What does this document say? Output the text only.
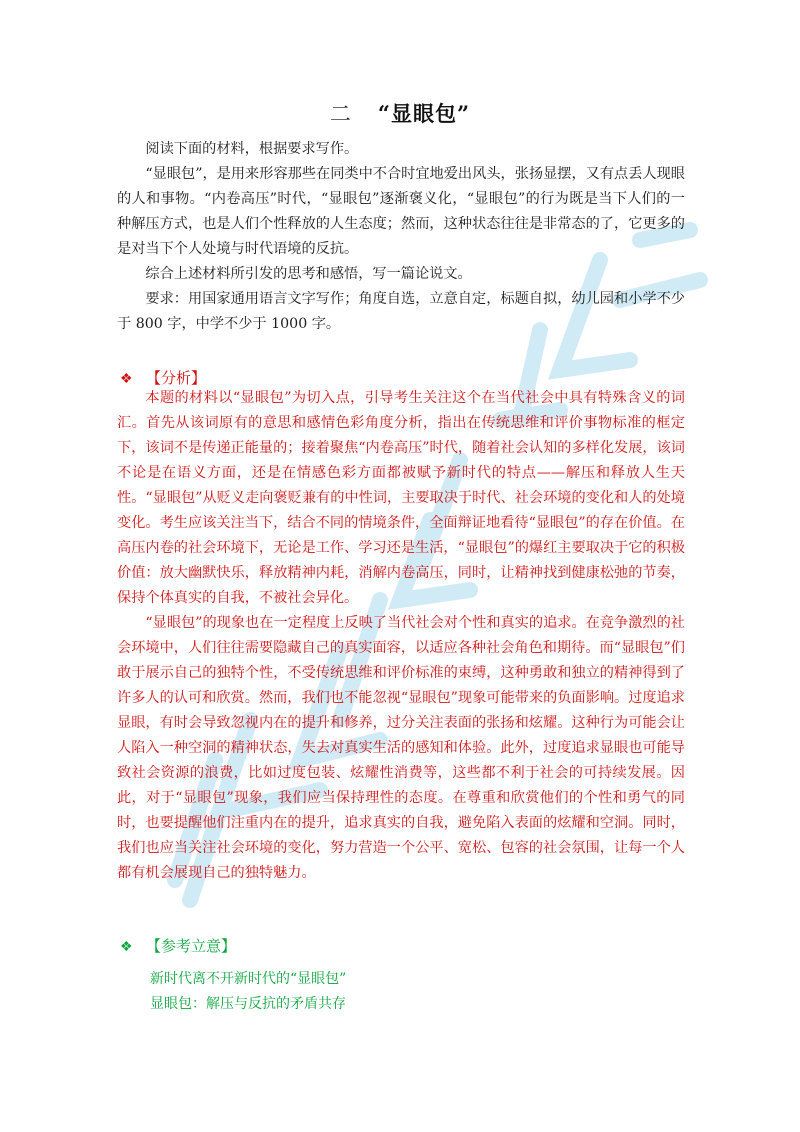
二 “显眼包”

阅读下面的材料，根据要求写作。

“显眼包”，是用来形容那些在同类中不合时宜地爱出风头，张扬显摆，又有点丢人现眼的人和事物。“内卷高压”时代，“显眼包”逐渐褒义化，“显眼包”的行为既是当下人们的一种解压方式，也是人们个性释放的人生态度；然而，这种状态往往是非常态的了，它更多的是对当下个人处境与时代语境的反抗。

综合上述材料所引发的思考和感悟，写一篇论说文。

要求：用国家通用语言文字写作；角度自选，立意自定，标题自拟，幼儿园和小学不少于 800 字，中学不少于 1000 字。

❖ 【分析】

本题的材料以“显眼包”为切入点，引导考生关注这个在当代社会中具有特殊含义的词汇。首先从该词原有的意思和感情色彩角度分析，指出在传统思维和评价事物标准的框定下，该词不是传递正能量的；接着聚焦“内卷高压”时代，随着社会认知的多样化发展，该词不论是在语义方面，还是在情感色彩方面都被赋予新时代的特点——解压和释放人生天性。“显眼包”从贬义走向褒贬兼有的中性词，主要取决于时代、社会环境的变化和人的处境变化。考生应该关注当下，结合不同的情境条件，全面辩证地看待“显眼包”的存在价值。在高压内卷的社会环境下，无论是工作、学习还是生活，“显眼包”的爆红主要取决于它的积极价值：放大幽默快乐，释放精神内耗，消解内卷高压，同时，让精神找到健康松弛的节奏，保持个体真实的自我，不被社会异化。

“显眼包”的现象也在一定程度上反映了当代社会对个性和真实的追求。在竞争激烈的社会环境中，人们往往需要隐藏自己的真实面容，以适应各种社会角色和期待。而“显眼包”们敢于展示自己的独特个性，不受传统思维和评价标准的束缚，这种勇敢和独立的精神得到了许多人的认可和欣赏。然而，我们也不能忽视“显眼包”现象可能带来的负面影响。过度追求显眼，有时会导致忽视内在的提升和修养，过分关注表面的张扬和炫耀。这种行为可能会让人陷入一种空洞的精神状态，失去对真实生活的感知和体验。此外，过度追求显眼也可能导致社会资源的浪费，比如过度包装、炫耀性消费等，这些都不利于社会的可持续发展。因此，对于“显眼包”现象，我们应当保持理性的态度。在尊重和欣赏他们的个性和勇气的同时，也要提醒他们注重内在的提升，追求真实的自我，避免陷入表面的炫耀和空洞。同时，我们也应当关注社会环境的变化，努力营造一个公平、宽松、包容的社会氛围，让每一个人都有机会展现自己的独特魅力。

❖ 【参考立意】
新时代离不开新时代的“显眼包”
显眼包：解压与反抗的矛盾共存
